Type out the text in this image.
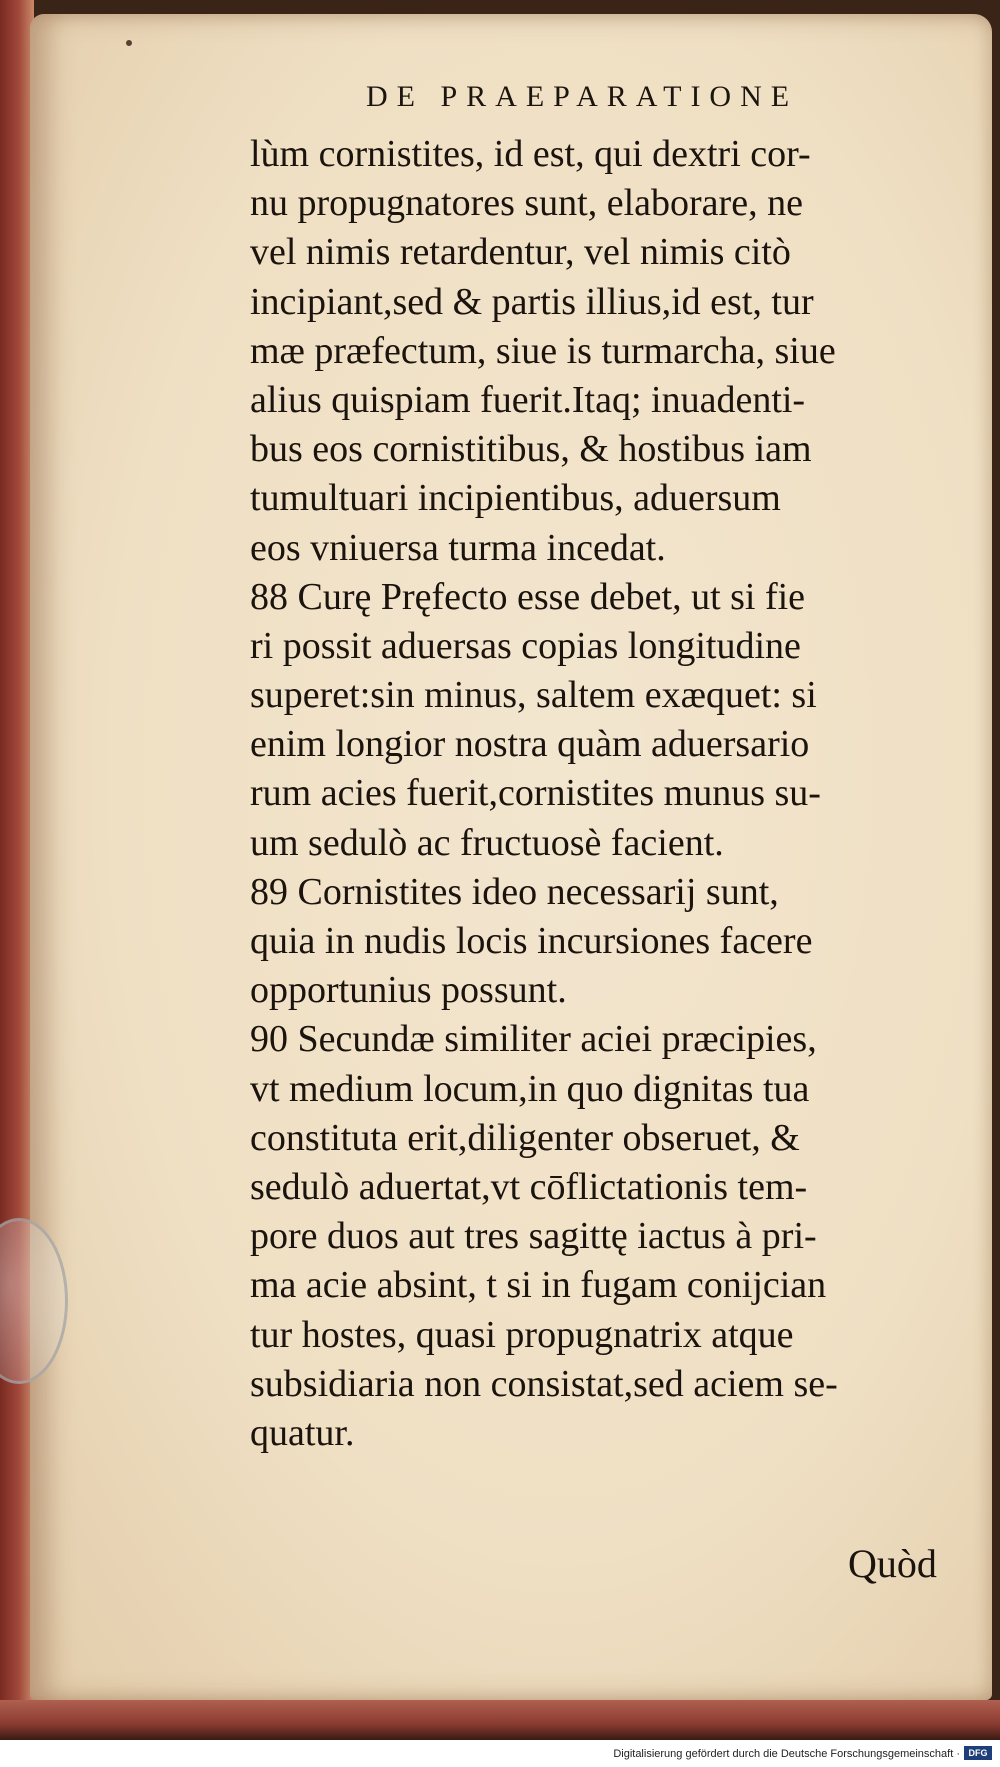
DE PRAEPARATIONE
lùm cornistites, id est, qui dextri cor-
nu propugnatores sunt, elaborare, ne
vel nimis retardentur, vel nimis citò
incipiant,sed & partis illius,id est, tur
mæ præfectum, siue is turmarcha, siue
alius quispiam fuerit.Itaq; inuadenti-
bus eos cornistitibus, & hostibus iam
tumultuari incipientibus, aduersum
eos vniuersa turma incedat.
88 Curę Pręfecto esse debet, ut si fie
ri possit aduersas copias longitudine
superet:sin minus, saltem exæquet: si
enim longior nostra quàm aduersario
rum acies fuerit,cornistites munus su-
um sedulò ac fructuosè facient.
89 Cornistites ideo necessarij sunt,
quia in nudis locis incursiones facere
opportunius possunt.
90 Secundæ similiter aciei præcipies,
vt medium locum,in quo dignitas tua
constituta erit,diligenter obseruet, &
sedulò aduertat,vt cōflictationis tem-
pore duos aut tres sagittę iactus à pri-
ma acie absint, t si in fugam conijcian
tur hostes, quasi propugnatrix atque
subsidiaria non consistat,sed aciem se-
quatur.
Quòd
Digitalisierung gefördert durch die Deutsche Forschungsgemeinschaft · DFG
